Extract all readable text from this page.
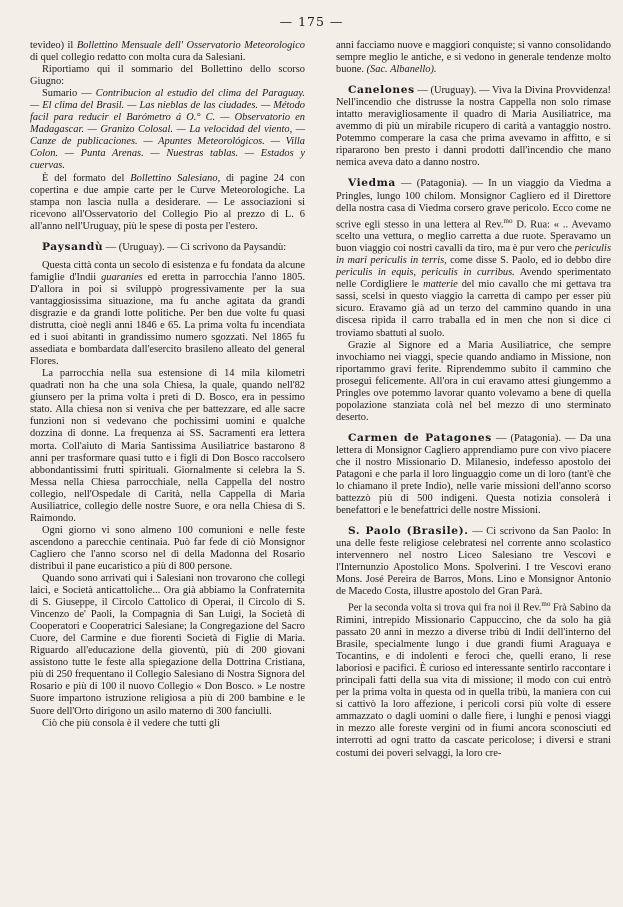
— 175 —

tevideo) il Bollettino Mensuale dell' Osservatorio Meteorologico di quel collegio redatto con molta cura da Salesiani.

Riportiamo qui il sommario del Bollettino dello scorso Giugno:

Sumario — Contribucion al estudio del clima del Paraguay. — El clima del Brasil. — Las nieblas de las ciudades. — Método facil para reducir el Barómetro á O.° C. — Observatorio en Madagascar. — Granizo Colosal. — La velocidad del viento, — Canze de publicaciones. — Apuntes Meteorológicos. — Villa Colon. — Punta Arenas. — Nuestras tablas. — Estados y cuervas.

È del formato del Bollettino Salesiano, di pagine 24 con copertina e due ampie carte per le Curve Meteorologiche. La stampa non lascia nulla a desiderare. — Le associazioni si ricevono all'Osservatorio del Collegio Pio al prezzo di L. 6 all'anno nell'Uruguay, più le spese di posta per l'estero.

Paysandù — (Uruguay). — Ci scrivono da Paysandù:

Questa città conta un secolo di esistenza e fu fondata da alcune famiglie d'Indii guaranies ed eretta in parrocchia l'anno 1805. D'allora in poi si sviluppò progressivamente per la sua vantaggiosissima situazione, ma fu anche agitata da grandi disgrazie e da grandi lotte politiche. Per ben due volte fu quasi distrutta, cioè negli anni 1846 e 65. La prima volta fu incendiata ed i suoi abitanti in grandissimo numero sgozzati. Nel 1865 fu assediata e bombardata dall'esercito brasileno alleato del general Flores.

La parrocchia nella sua estensione di 14 mila kilometri quadrati non ha che una sola Chiesa, la quale, quando nell'82 giunsero per la prima volta i preti di D. Bosco, era in pessimo stato. Alla chiesa non si veniva che per battezzare, ed alle sacre funzioni non si vedevano che pochissimi uomini e qualche dozzina di donne. La frequenza ai SS. Sacramenti era lettera morta. Coll'aiuto di Maria Santissima Ausiliatrice bastarono 8 anni per trasformare quasi tutto e i figli di Don Bosco raccolsero abbondantissimi frutti spirituali. Giornalmente si celebra la S. Messa nella Chiesa parrocchiale, nella Cappella del nostro collegio, nell'Ospedale di Carità, nella Cappella di Maria Ausiliatrice, collegio delle nostre Suore, e ora nella Chiesa di S. Raimondo.

Ogni giorno vi sono almeno 100 comunioni e nelle feste ascendono a parecchie centinaia. Può far fede di ciò Monsignor Cagliero che l'anno scorso nel dì della Madonna del Rosario distribuì il pane eucaristico a più di 800 persone.

Quando sono arrivati qui i Salesiani non trovarono che collegi laici, e Società anticattoliche... Ora già abbiamo la Confraternita di S. Giuseppe, il Circolo Cattolico di Operai, il Circolo di S. Vincenzo de' Paoli, la Compagnia di San Luigi, la Società di Cooperatori e Cooperatrici Salesiane; la Congregazione del Sacro Cuore, del Carmine e due fiorenti Società di Figlie di Maria. Riguardo all'educazione della gioventù, più di 200 giovani assistono tutte le feste alla spiegazione della Dottrina Cristiana, più di 250 frequentano il Collegio Salesiano di Nostra Signora del Rosario e più di 100 il nuovo Collegio « Don Bosco. » Le nostre Suore impartono istruzione religiosa a più di 200 bambine e le Suore dell'Orto dirigono un asilo materno di 300 fanciulli.

Ciò che più consola è il vedere che tutti gli

anni facciamo nuove e maggiori conquiste; si vanno consolidando sempre meglio le antiche, e si vedono in generale tendenze molto buone. (Sac. Albanello).

Canelones — (Uruguay). — Viva la Divina Provvidenza! Nell'incendio che distrusse la nostra Cappella non solo rimase intatto meravigliosamente il quadro di Maria Ausiliatrice, ma avemmo di più un mirabile ricupero di carità a vantaggio nostro. Potemmo comperare la casa che prima avevamo in affitto, e si ripararono ben presto i danni prodotti dall'incendio che mano nemica aveva dato a danno nostro.

Viedma — (Patagonia). — In un viaggio da Viedma a Pringles, lungo 100 chilom. Monsignor Cagliero ed il Direttore della nostra casa di Viedma corsero grave pericolo. Ecco come ne scrive egli stesso in una lettera al Rev.$^{mo}$ D. Rua: « .. Avevamo scelto una vettura, o meglio carretta a due ruote. Speravamo un buon viaggio coi nostri cavalli da tiro, ma è pur vero che periculis in mari periculis in terris, come disse S. Paolo, ed io debbo dire periculis in equis, periculis in curribus. Avendo sperimentato nelle Cordigliere le matterie del mio cavallo che mi gettava tra sassi, scelsi in questo viaggio la carretta di campo per esser più sicuro. Eravamo già ad un terzo del cammino quando in una discesa ripida il carro traballa ed in men che non si dice ci troviamo sbattuti al suolo.

Grazie al Signore ed a Maria Ausiliatrice, che sempre invochiamo nei viaggi, specie quando andiamo in Missione, non riportammo gravi ferite. Riprendemmo subito il cammino che proseguì felicemente. All'ora in cui eravamo attesi giungemmo a Pringles ove potemmo lavorar quanto volevamo a bene di quella popolazione stanziata colà nel bel mezzo di uno sterminato deserto.

Carmen de Patagones — (Patagonia). — Da una lettera di Monsignor Cagliero apprendiamo pure con vivo piacere che il nostro Missionario D. Milanesio, indefesso apostolo dei Patagoni e che parla il loro linguaggio come un di loro (tant'è che lo chiamano il prete Indio), nelle varie missioni dell'anno scorso battezzò più di 500 indigeni. Questa notizia consolerà i benefattori e le benefattrici delle nostre Missioni.

S. Paolo (Brasile). — Ci scrivono da San Paolo: In una delle feste religiose celebratesi nel corrente anno scolastico intervennero nel nostro Liceo Salesiano tre Vescovi e l'Internunzio Apostolico Mons. Spolverini. I tre Vescovi erano Mons. José Pereira de Barros, Mons. Lino e Monsignor Antonio de Macedo Costa, illustre apostolo del Gran Parà.

Per la seconda volta si trova qui fra noi il Rev.$^{mo}$ Frà Sabino da Rimini, intrepido Missionario Cappuccino, che da solo ha già passato 20 anni in mezzo a diverse tribù di Indii dell'interno del Brasile, specialmente lungo i due grandi fiumi Araguaya e Tocantins, e di indolenti e feroci che, quelli erano, li rese laboriosi e pacifici. È curioso ed interessante sentirlo raccontare i principali fatti della sua vita di missione; il modo con cui entrò per la prima volta in questa od in quella tribù, la maniera con cui si cattivò la loro affezione, i pericoli corsi più volte di essere ammazzato o dagli uomini o dalle fiere, i lunghi e penosi viaggi in mezzo alle foreste vergini od in fiumi ancora sconosciuti ed interrotti ad ogni tratto da cascate pericolose; i diversi e strani costumi dei poveri selvaggi, la loro cre-
